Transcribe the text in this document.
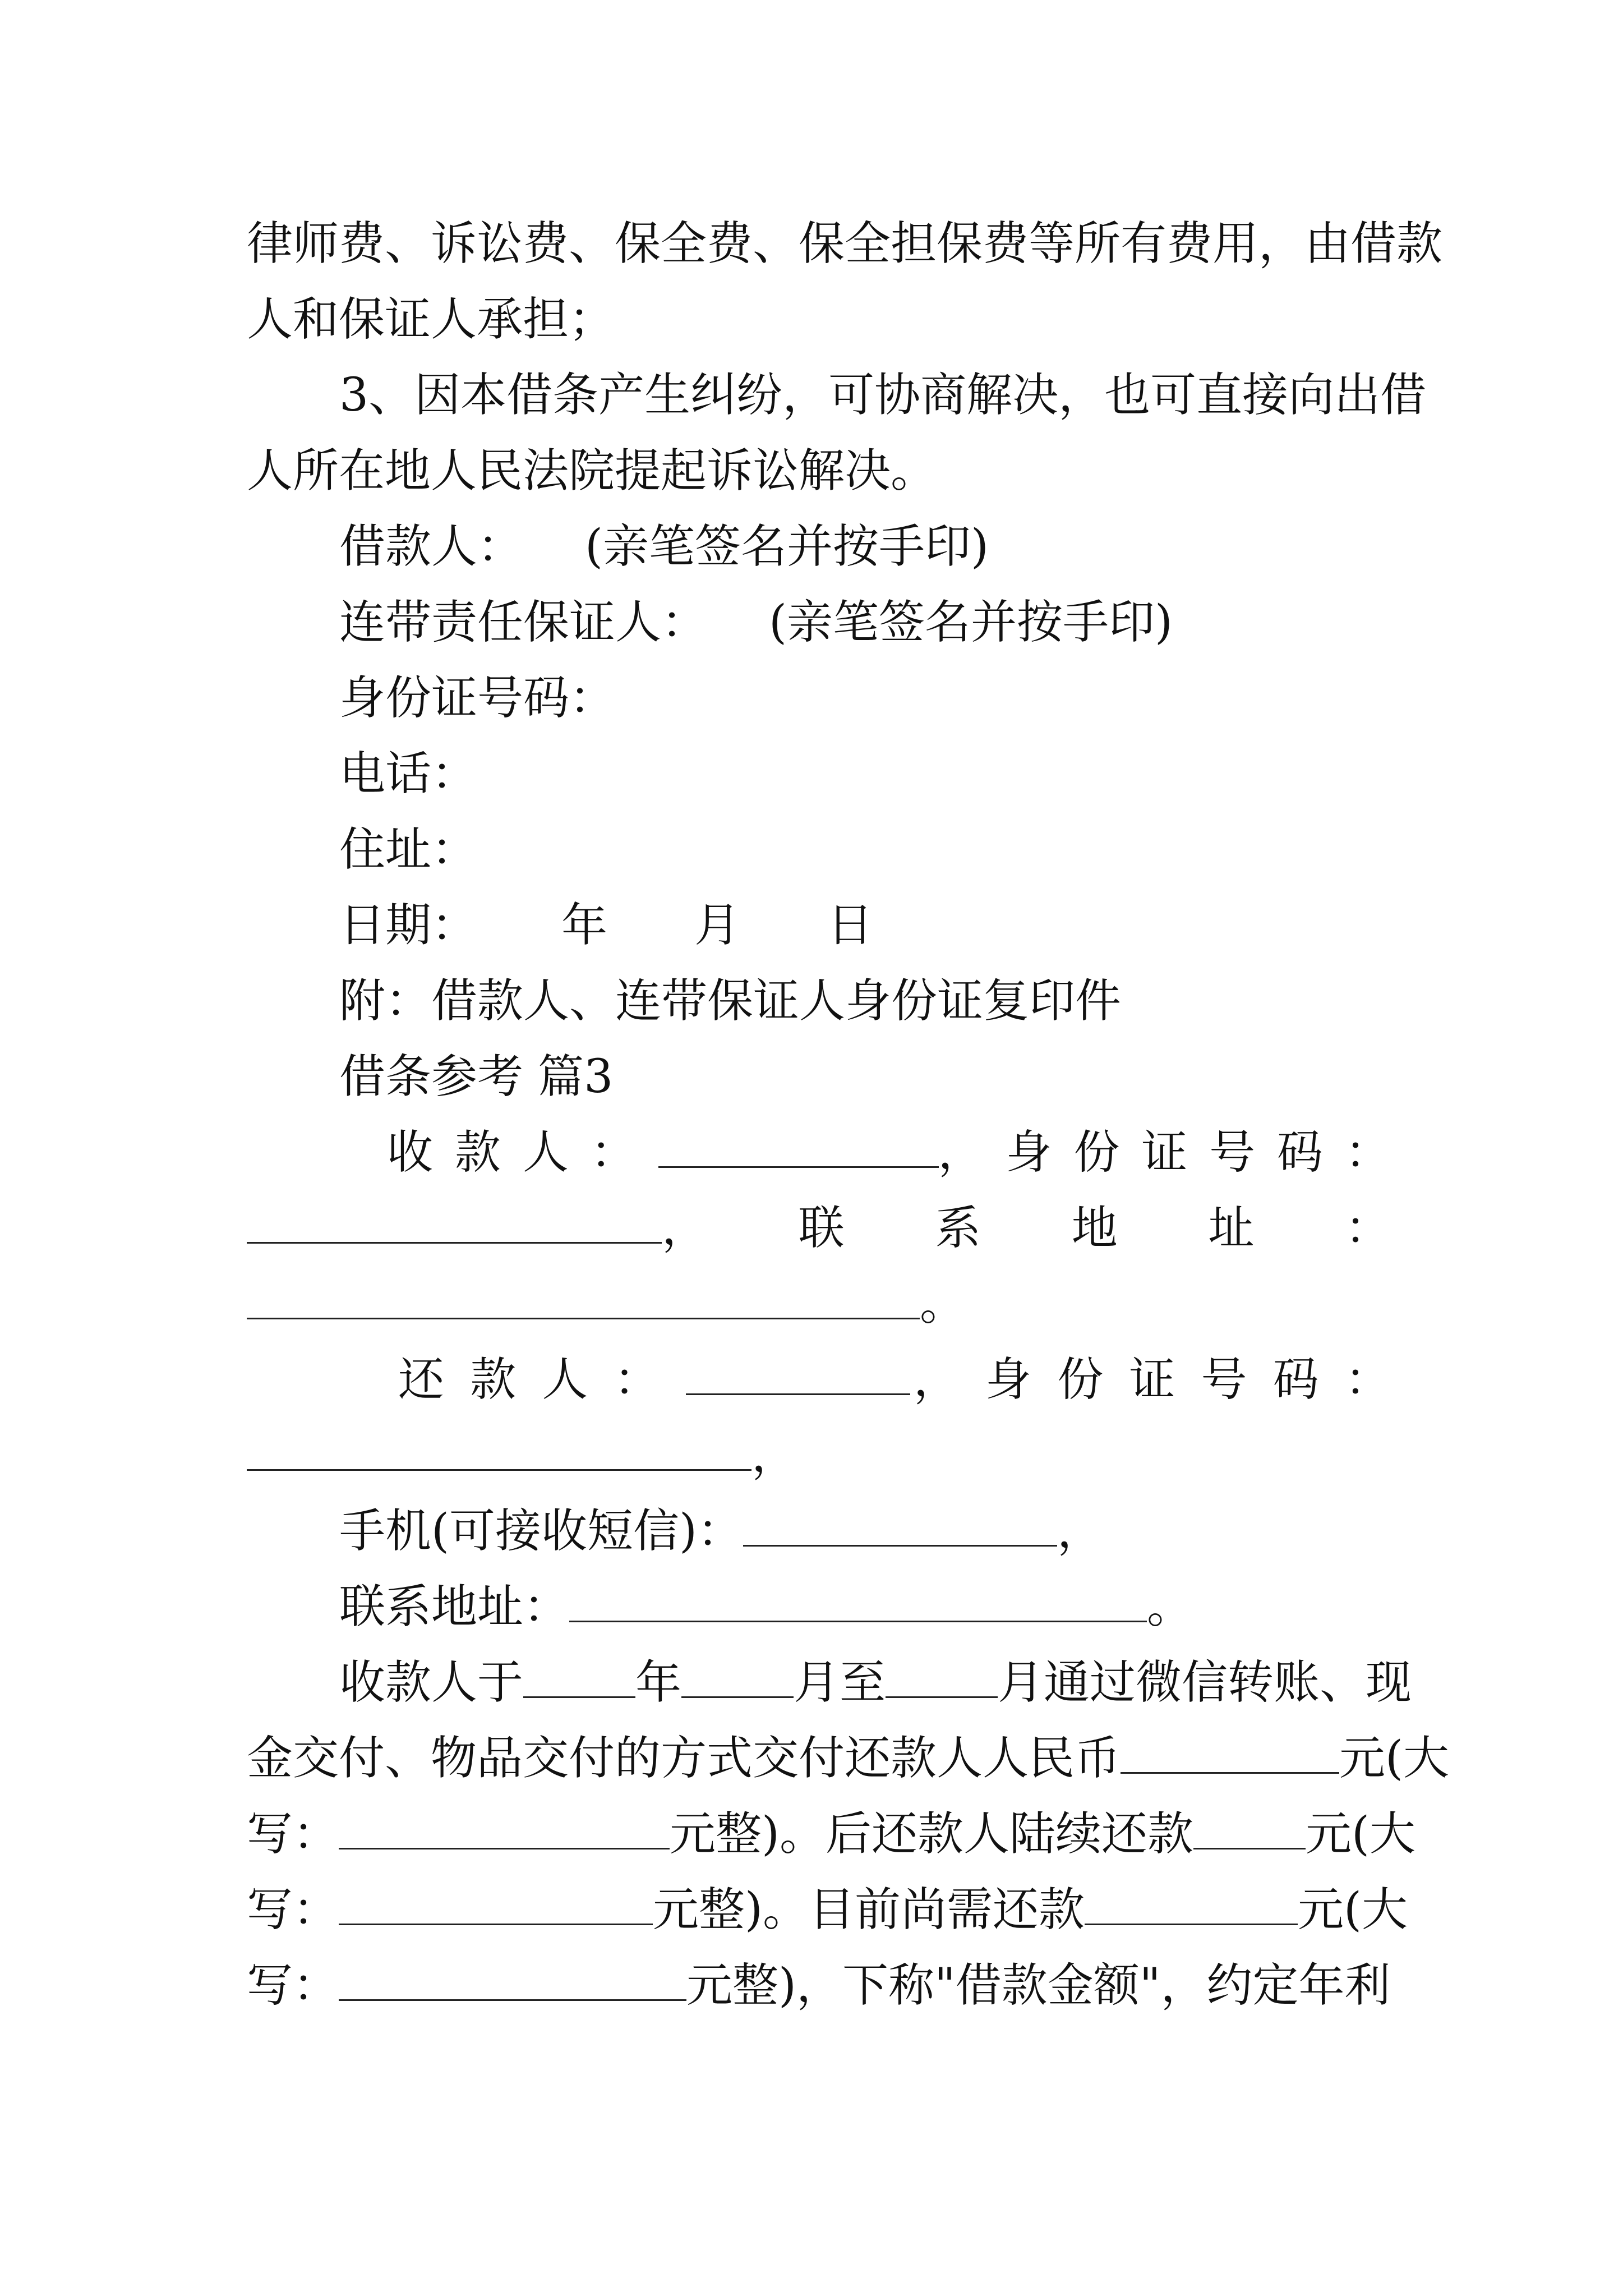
律师费、诉讼费、保全费、保全担保费等所有费用，由借款
人和保证人承担；
3、因本借条产生纠纷，可协商解决，也可直接向出借
人所在地人民法院提起诉讼解决。
借款人： (亲笔签名并按手印)
连带责任保证人： (亲笔签名并按手印)
身份证号码：
电话：
住址：
日期： 年 月 日
附：借款人、连带保证人身份证复印件
借条参考 篇3
收 款 人 ：	， 身 份 证 号 码 ：
， 联 系 地 址 ：
。
还 款 人 ：	， 身 份 证 号 码 ：
，
手机(可接收短信)：	，
联系地址：	。
收款人于 年 月至 月通过微信转账、现
金交付、物品交付的方式交付还款人人民币	元(大
写：	元整)。后还款人陆续还款 元(大
写：	元整)。目前尚需还款	元(大
写：	元整)，下称"借款金额"，约定年利
